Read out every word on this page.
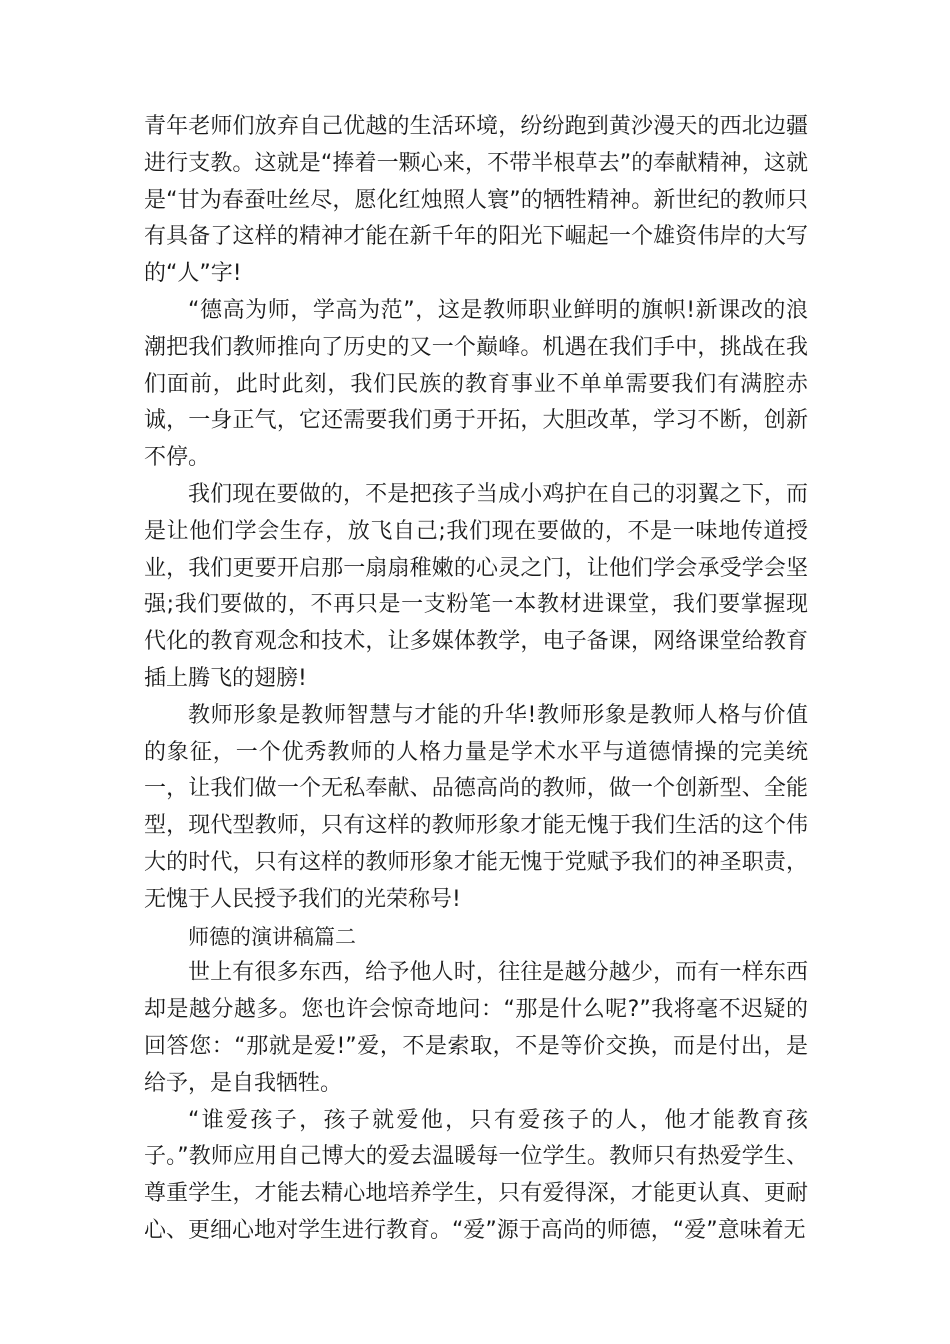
青年老师们放弃自己优越的生活环境，纷纷跑到黄沙漫天的西北边疆进行支教。这就是“捧着一颗心来，不带半根草去”的奉献精神，这就是“甘为春蚕吐丝尽，愿化红烛照人寰”的牺牲精神。新世纪的教师只有具备了这样的精神才能在新千年的阳光下崛起一个雄资伟岸的大写的“人”字!

“德高为师，学高为范”，这是教师职业鲜明的旗帜!新课改的浪潮把我们教师推向了历史的又一个巅峰。机遇在我们手中，挑战在我们面前，此时此刻，我们民族的教育事业不单单需要我们有满腔赤诚，一身正气，它还需要我们勇于开拓，大胆改革，学习不断，创新不停。

我们现在要做的，不是把孩子当成小鸡护在自己的羽翼之下，而是让他们学会生存，放飞自己;我们现在要做的，不是一味地传道授业，我们更要开启那一扇扇稚嫩的心灵之门，让他们学会承受学会坚强;我们要做的，不再只是一支粉笔一本教材进课堂，我们要掌握现代化的教育观念和技术，让多媒体教学，电子备课，网络课堂给教育插上腾飞的翅膀!

教师形象是教师智慧与才能的升华!教师形象是教师人格与价值的象征，一个优秀教师的人格力量是学术水平与道德情操的完美统一，让我们做一个无私奉献、品德高尚的教师，做一个创新型、全能型，现代型教师，只有这样的教师形象才能无愧于我们生活的这个伟大的时代，只有这样的教师形象才能无愧于党赋予我们的神圣职责，无愧于人民授予我们的光荣称号!

师德的演讲稿篇二

世上有很多东西，给予他人时，往往是越分越少，而有一样东西却是越分越多。您也许会惊奇地问：“那是什么呢?”我将毫不迟疑的回答您：“那就是爱!”爱，不是索取，不是等价交换，而是付出，是给予，是自我牺牲。

“谁爱孩子，孩子就爱他，只有爱孩子的人，他才能教育孩子。”教师应用自己博大的爱去温暖每一位学生。教师只有热爱学生、尊重学生，才能去精心地培养学生，只有爱得深，才能更认真、更耐心、更细心地对学生进行教育。“爱”源于高尚的师德，“爱”意味着无
